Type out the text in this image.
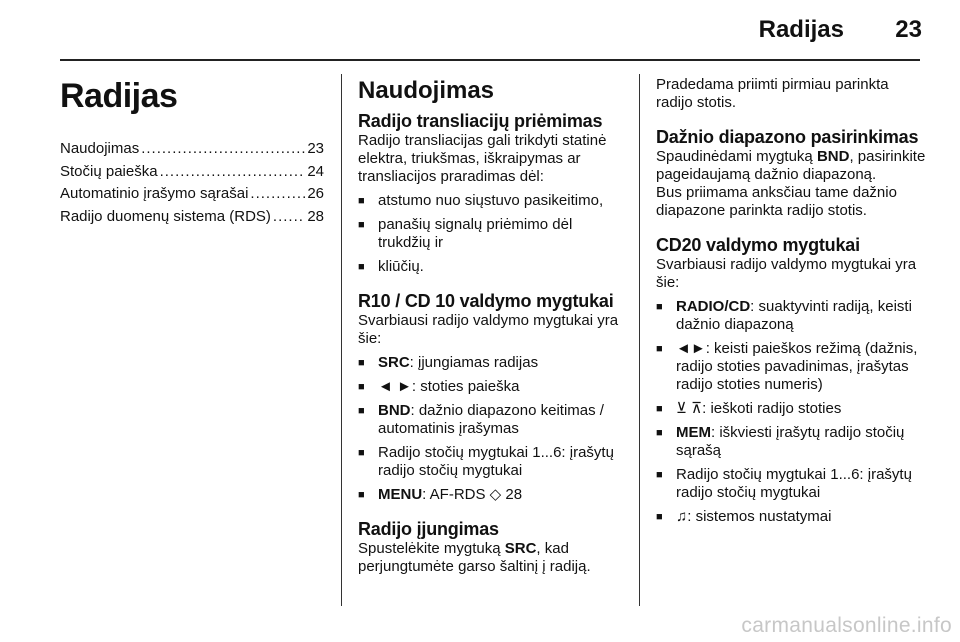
Radijas 23
Radijas
Naudojimas .....	23
Stočių paieška .....	24
Automatinio įrašymo sąrašai .....	26
Radijo duomenų sistema (RDS) ..... 28
Naudojimas
Radijo transliacijų priėmimas

Radijo transliacijas gali trikdyti statinė elektra, triukšmas, iškraipymas ar transliacijos praradimas dėl:

■ atstumo nuo siųstuvo pasikeitimo,
■ panašių signalų priėmimo dėl trukdžių ir
■ kliūčių.
R10 / CD 10 valdymo mygtukai

Svarbiausi radijo valdymo mygtukai yra šie:

■ SRC: įjungiamas radijas
■ ◄ ►: stoties paieška
■ BND: dažnio diapazono keitimas / automatinis įrašymas
■ Radijo stočių mygtukai 1...6: įrašytų radijo stočių mygtukai
■ MENU: AF-RDS ◇ 28
Radijo įjungimas

Spustelėkite mygtuką SRC, kad perjungtumėte garso šaltinį į radiją.

Pradedama priimti pirmiau parinkta radijo stotis.

Dažnio diapazono pasirinkimas

Spaudinėdami mygtuką BND, pasirinkite pageidaujamą dažnio diapazoną.

Bus priimama anksčiau tame dažnio diapazone parinkta radijo stotis.

CD20 valdymo mygtukai

Svarbiausi radijo valdymo mygtukai yra šie:

■ RADIO/CD: suaktyvinti radiją, keisti dažnio diapazoną
■ ◄►: keisti paieškos režimą (dažnis, radijo stoties pavadinimas, įrašytas radijo stoties numeris)
■ ⊻ ⊼: ieškoti radijo stoties
■ MEM: iškviesti įrašytų radijo stočių sąrašą
■ Radijo stočių mygtukai 1...6: įrašytų radijo stočių mygtukai
■ ♫: sistemos nustatymai
carmanualsonline.info
